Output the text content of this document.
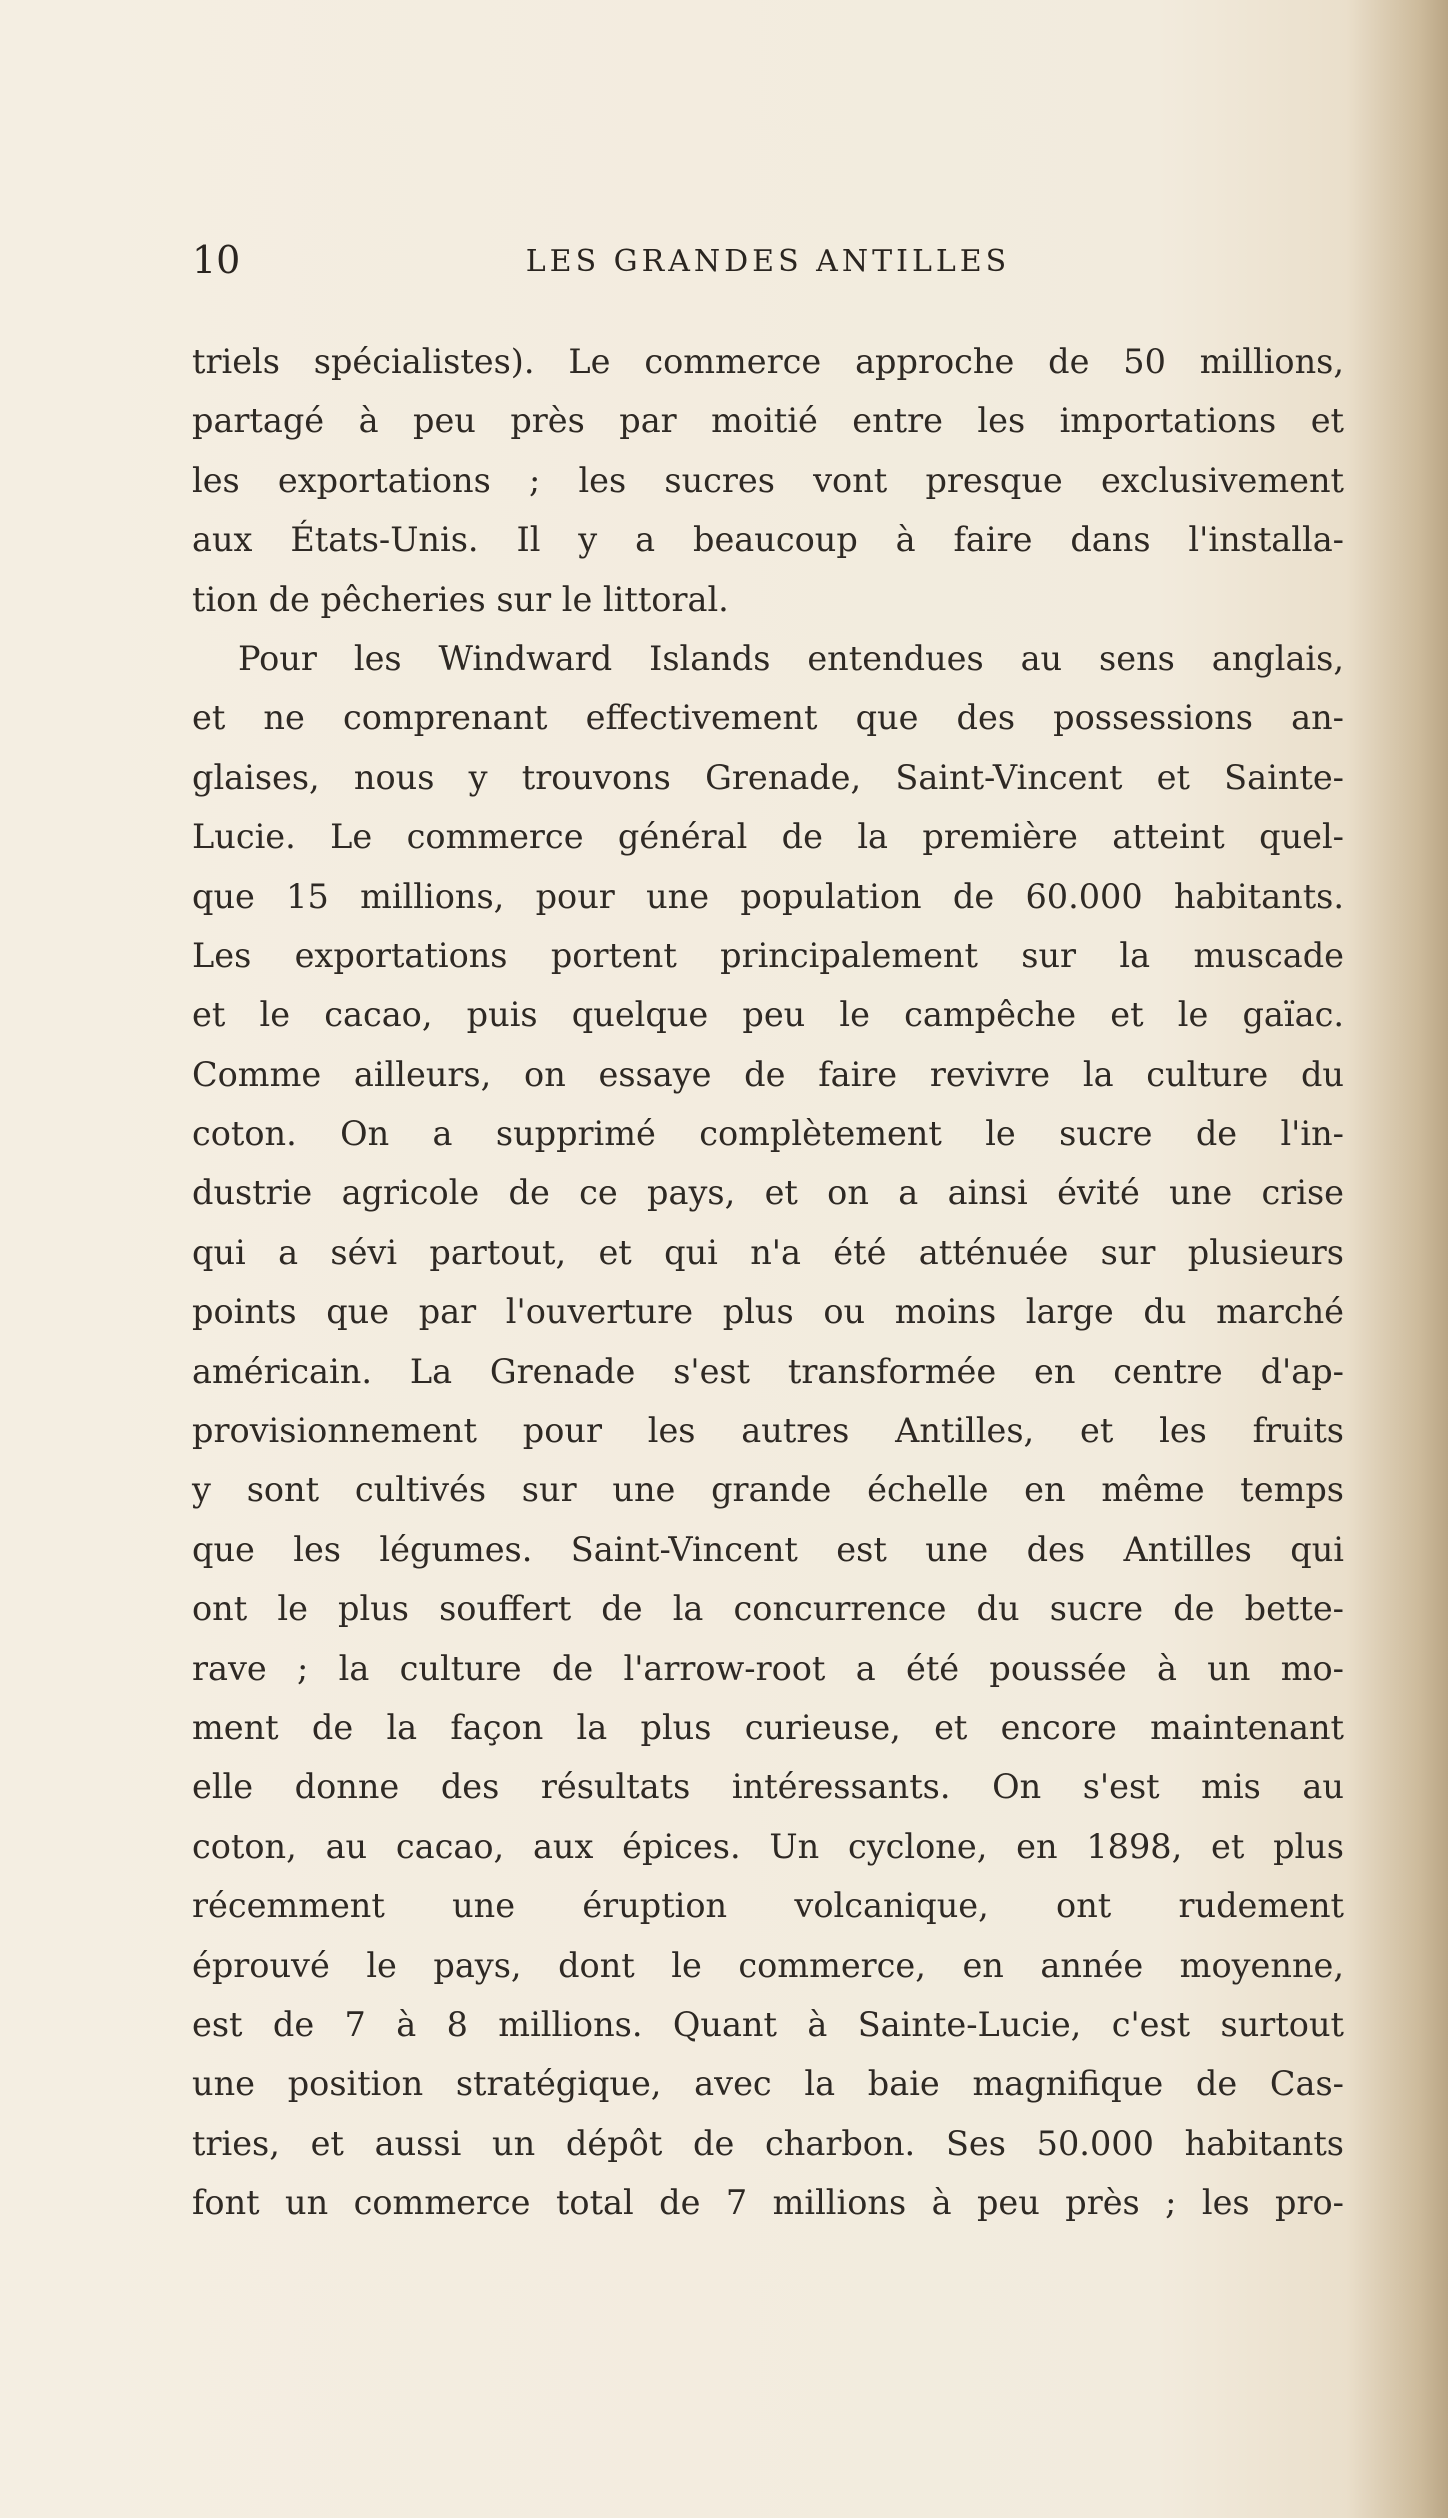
10	LES GRANDES ANTILLES
triels spécialistes). Le commerce approche de 50 millions,
partagé à peu près par moitié entre les importations et
les exportations ; les sucres vont presque exclusivement
aux États-Unis. Il y a beaucoup à faire dans l'installa-
tion de pêcheries sur le littoral.
Pour les Windward Islands entendues au sens anglais,
et ne comprenant effectivement que des possessions an-
glaises, nous y trouvons Grenade, Saint-Vincent et Sainte-
Lucie. Le commerce général de la première atteint quel-
que 15 millions, pour une population de 60.000 habitants.
Les exportations portent principalement sur la muscade
et le cacao, puis quelque peu le campêche et le gaïac.
Comme ailleurs, on essaye de faire revivre la culture du
coton. On a supprimé complètement le sucre de l'in-
dustrie agricole de ce pays, et on a ainsi évité une crise
qui a sévi partout, et qui n'a été atténuée sur plusieurs
points que par l'ouverture plus ou moins large du marché
américain. La Grenade s'est transformée en centre d'ap-
provisionnement pour les autres Antilles, et les fruits
y sont cultivés sur une grande échelle en même temps
que les légumes. Saint-Vincent est une des Antilles qui
ont le plus souffert de la concurrence du sucre de bette-
rave ; la culture de l'arrow-root a été poussée à un mo-
ment de la façon la plus curieuse, et encore maintenant
elle donne des résultats intéressants. On s'est mis au
coton, au cacao, aux épices. Un cyclone, en 1898, et plus
récemment une éruption volcanique, ont rudement
éprouvé le pays, dont le commerce, en année moyenne,
est de 7 à 8 millions. Quant à Sainte-Lucie, c'est surtout
une position stratégique, avec la baie magnifique de Cas-
tries, et aussi un dépôt de charbon. Ses 50.000 habitants
font un commerce total de 7 millions à peu près ; les pro-
